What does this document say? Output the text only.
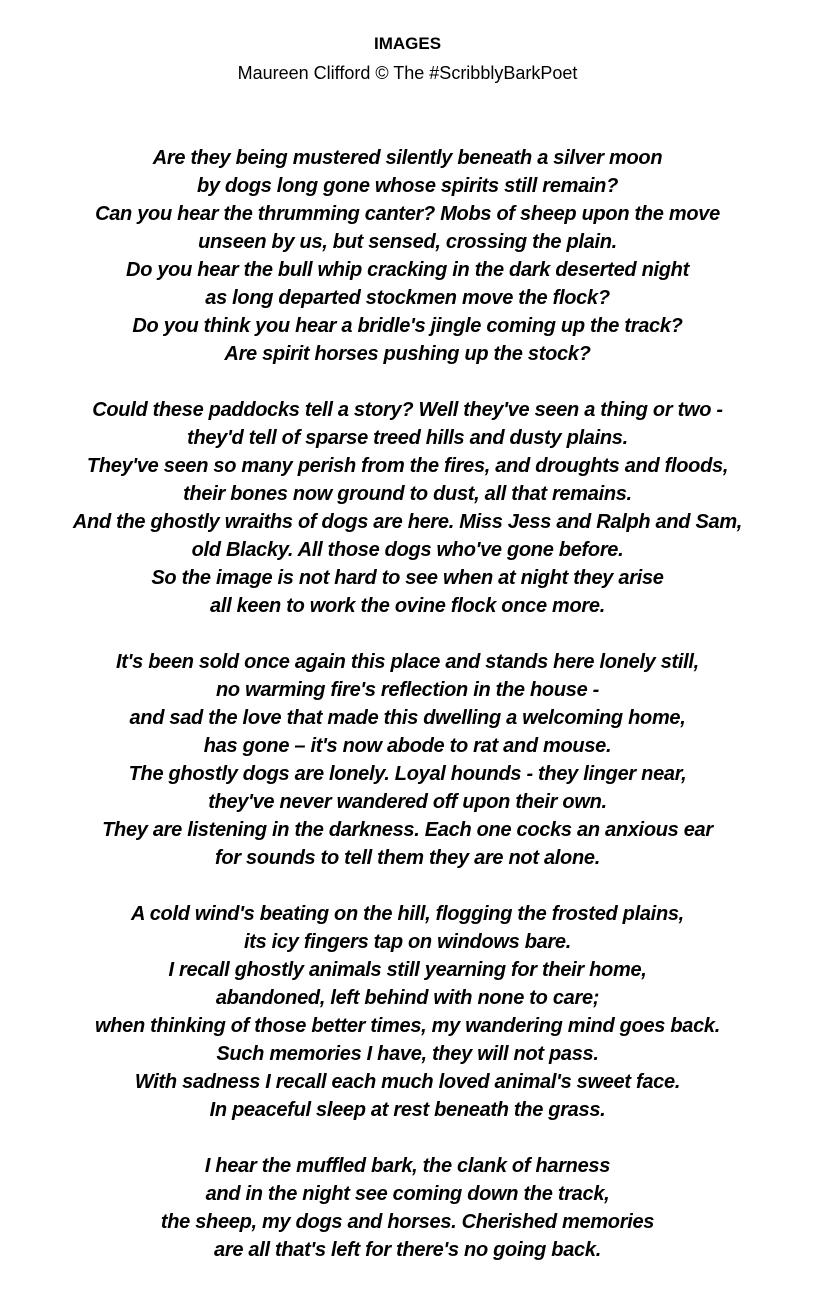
IMAGES
Maureen Clifford © The #ScribblyBarkPoet
Are they being mustered silently beneath a silver moon
by dogs long gone whose spirits still remain?
Can you hear the thrumming canter? Mobs of sheep upon the move
unseen by us, but sensed, crossing the plain.
Do you hear the bull whip cracking in the dark deserted night
as long departed stockmen move the flock?
Do you think you hear a bridle's jingle coming up the track?
Are spirit horses pushing up the stock?
Could these paddocks tell a story? Well they've seen a thing or two -
they'd tell of sparse treed hills and dusty plains.
They've seen so many perish from the fires, and droughts and floods,
their bones now ground to dust, all that remains.
And the ghostly wraiths of dogs are here. Miss Jess and Ralph and Sam,
old Blacky. All those dogs who've gone before.
So the image is not hard to see when at night they arise
all keen to work the ovine flock once more.
It's been sold once again this place and stands here lonely still,
no warming fire's reflection in the house -
and sad the love that made this dwelling a welcoming home,
has gone – it's now abode to rat and mouse.
The ghostly dogs are lonely. Loyal hounds - they linger near,
they've never wandered off upon their own.
They are listening in the darkness. Each one cocks an anxious ear
for sounds to tell them they are not alone.
A cold wind's beating on the hill, flogging the frosted plains,
its icy fingers tap on windows bare.
I recall ghostly animals still yearning for their home,
abandoned, left behind with none to care;
when thinking of those better times, my wandering mind goes back.
Such memories I have, they will not pass.
With sadness I recall each much loved animal's sweet face.
In peaceful sleep at rest beneath the grass.
I hear the muffled bark, the clank of harness
and in the night see coming down the track,
the sheep, my dogs and horses. Cherished memories
are all that's left for there's no going back.
